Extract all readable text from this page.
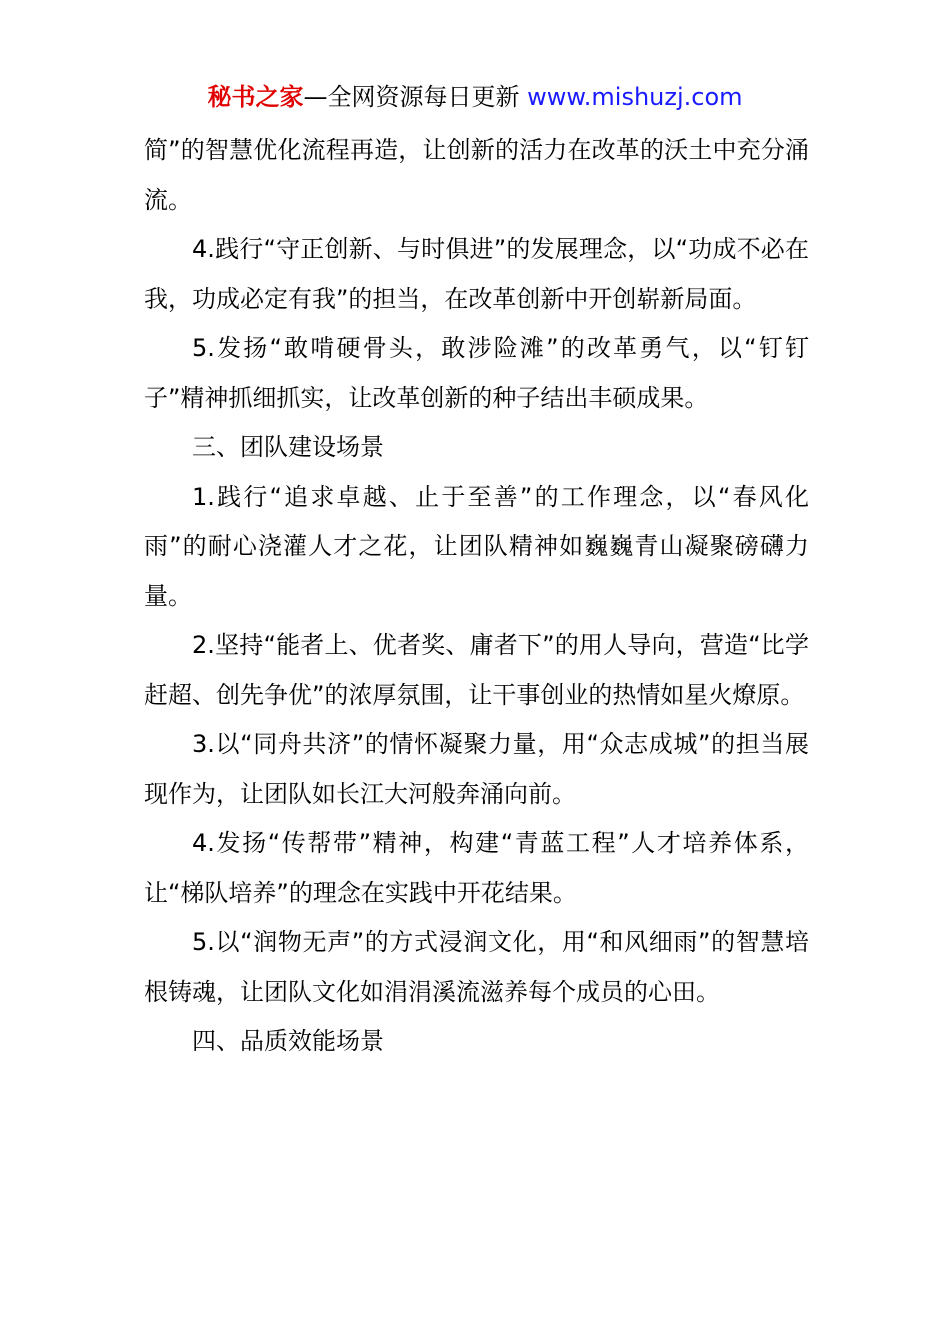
秘书之家—全网资源每日更新 www.mishuzj.com

简”的智慧优化流程再造，让创新的活力在改革的沃土中充分涌流。

4.践行“守正创新、与时俱进”的发展理念，以“功成不必在我，功成必定有我”的担当，在改革创新中开创崭新局面。

5.发扬“敢啃硬骨头，敢涉险滩”的改革勇气，以“钉钉子”精神抓细抓实，让改革创新的种子结出丰硕成果。

三、团队建设场景

1.践行“追求卓越、止于至善”的工作理念，以“春风化雨”的耐心浇灌人才之花，让团队精神如巍巍青山凝聚磅礴力量。

2.坚持“能者上、优者奖、庸者下”的用人导向，营造“比学赶超、创先争优”的浓厚氛围，让干事创业的热情如星火燎原。

3.以“同舟共济”的情怀凝聚力量，用“众志成城”的担当展现作为，让团队如长江大河般奔涌向前。

4.发扬“传帮带”精神，构建“青蓝工程”人才培养体系，让“梯队培养”的理念在实践中开花结果。

5.以“润物无声”的方式浸润文化，用“和风细雨”的智慧培根铸魂，让团队文化如涓涓溪流滋养每个成员的心田。

四、品质效能场景
